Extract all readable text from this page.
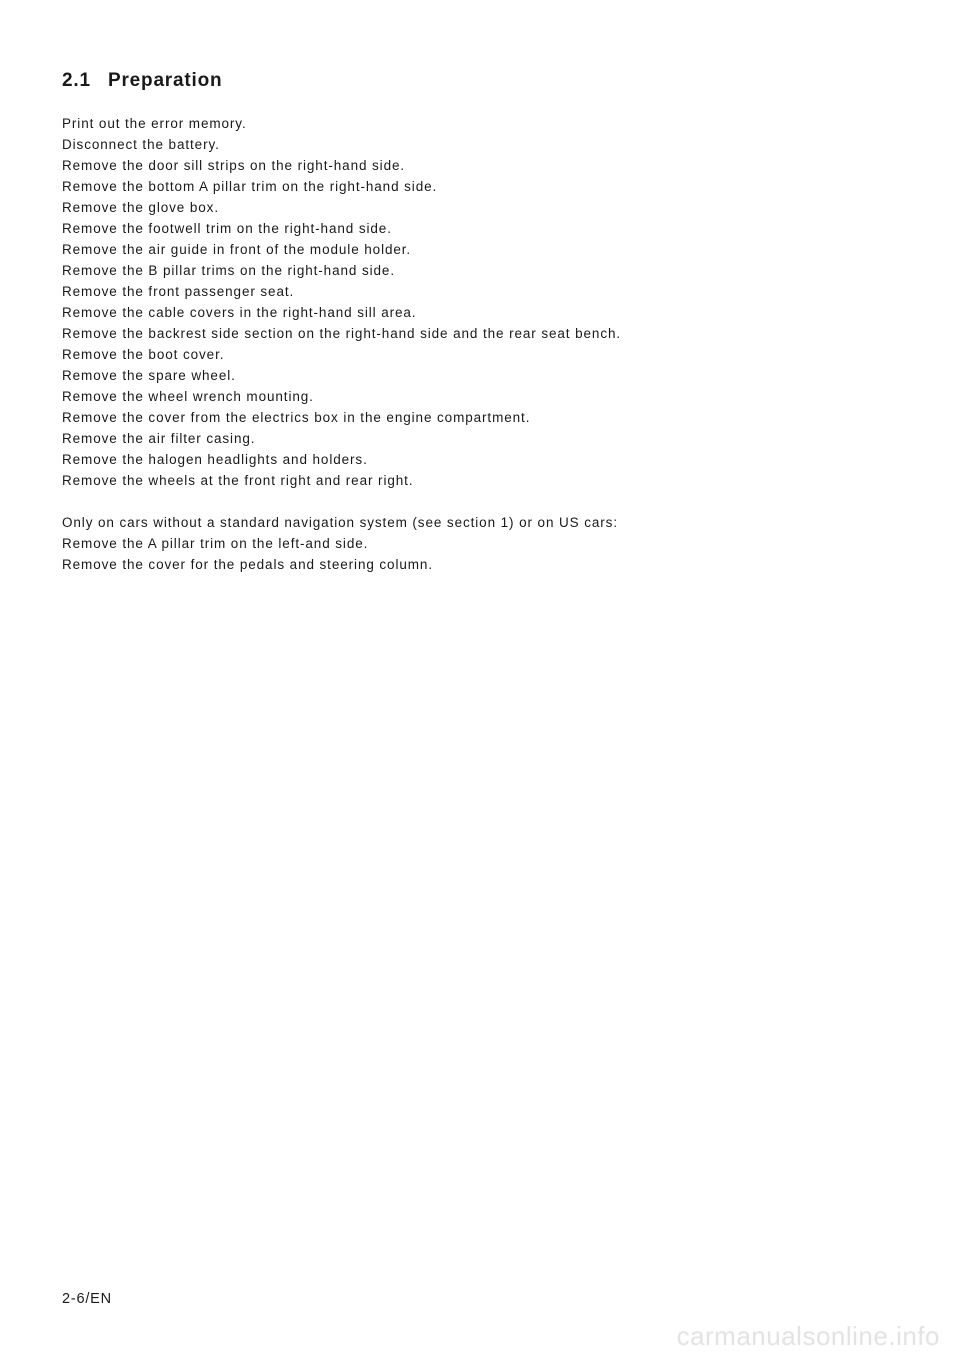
2.1 Preparation
Print out the error memory.
Disconnect the battery.
Remove the door sill strips on the right-hand side.
Remove the bottom A pillar trim on the right-hand side.
Remove the glove box.
Remove the footwell trim on the right-hand side.
Remove the air guide in front of the module holder.
Remove the B pillar trims on the right-hand side.
Remove the front passenger seat.
Remove the cable covers in the right-hand sill area.
Remove the backrest side section on the right-hand side and the rear seat bench.
Remove the boot cover.
Remove the spare wheel.
Remove the wheel wrench mounting.
Remove the cover from the electrics box in the engine compartment.
Remove the air filter casing.
Remove the halogen headlights and holders.
Remove the wheels at the front right and rear right.
Only on cars without a standard navigation system (see section 1) or on US cars:
Remove the A pillar trim on the left-and side.
Remove the cover for the pedals and steering column.
2-6/EN
carmanualsonline.info
